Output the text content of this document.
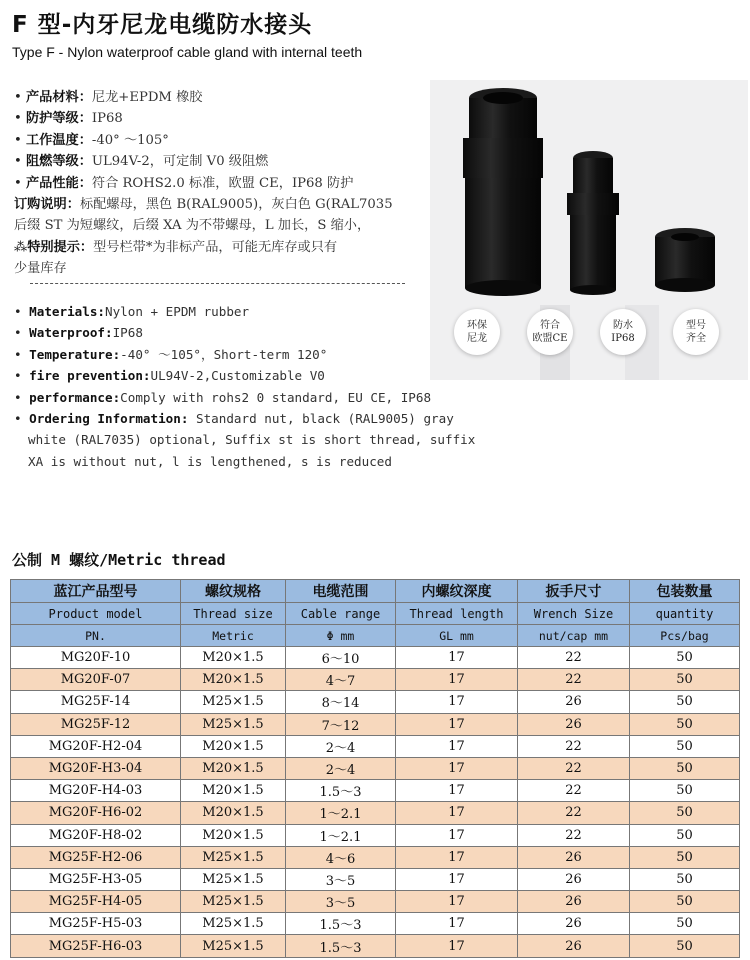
F 型-内牙尼龙电缆防水接头
Type F - Nylon waterproof cable gland with internal teeth
• 产品材料：尼龙+EPDM 橡胶
• 防护等级：IP68
• 工作温度：-40° ～105°
• 阻燃等级：UL94V-2，可定制 V0 级阻燃
• 产品性能：符合 ROHS2.0 标准，欧盟 CE，IP68 防护
订购说明：标配螺母，黑色 B(RAL9005)，灰白色 G(RAL7035
后缀 ST 为短螺纹，后缀 XA 为不带螺母，L 加长，S 缩小，
⁂特别提示：型号栏带*为非标产品，可能无库存或只有
少量库存
• Materials:Nylon + EPDM rubber
• Waterproof:IP68
• Temperature:-40° ～105°，Short-term 120°
• fire prevention:UL94V-2,Customizable V0
• performance:Comply with rohs2 0 standard, EU CE, IP68
• Ordering Information: Standard nut, black (RAL9005) gray white (RAL7035) optional, Suffix st is short thread, suffix XA is without nut, l is lengthened, s is reduced
环保
尼龙
符合
欧盟CE
防水
IP68
型号
齐全
公制 M 螺纹/Metric thread
蓝江产品型号	螺纹规格	电缆范围	内螺纹深度	扳手尺寸	包装数量
Product model	Thread size	Cable range	Thread length	Wrench Size	quantity
PN.	Metric	Φ mm	GL mm	nut/cap mm	Pcs/bag
MG20F-10	M20×1.5	6～10	17	22	50
MG20F-07	M20×1.5	4～7	17	22	50
MG25F-14	M25×1.5	8～14	17	26	50
MG25F-12	M25×1.5	7～12	17	26	50
MG20F-H2-04	M20×1.5	2～4	17	22	50
MG20F-H3-04	M20×1.5	2～4	17	22	50
MG20F-H4-03	M20×1.5	1.5～3	17	22	50
MG20F-H6-02	M20×1.5	1～2.1	17	22	50
MG20F-H8-02	M20×1.5	1～2.1	17	22	50
MG25F-H2-06	M25×1.5	4～6	17	26	50
MG25F-H3-05	M25×1.5	3～5	17	26	50
MG25F-H4-05	M25×1.5	3～5	17	26	50
MG25F-H5-03	M25×1.5	1.5～3	17	26	50
MG25F-H6-03	M25×1.5	1.5～3	17	26	50
